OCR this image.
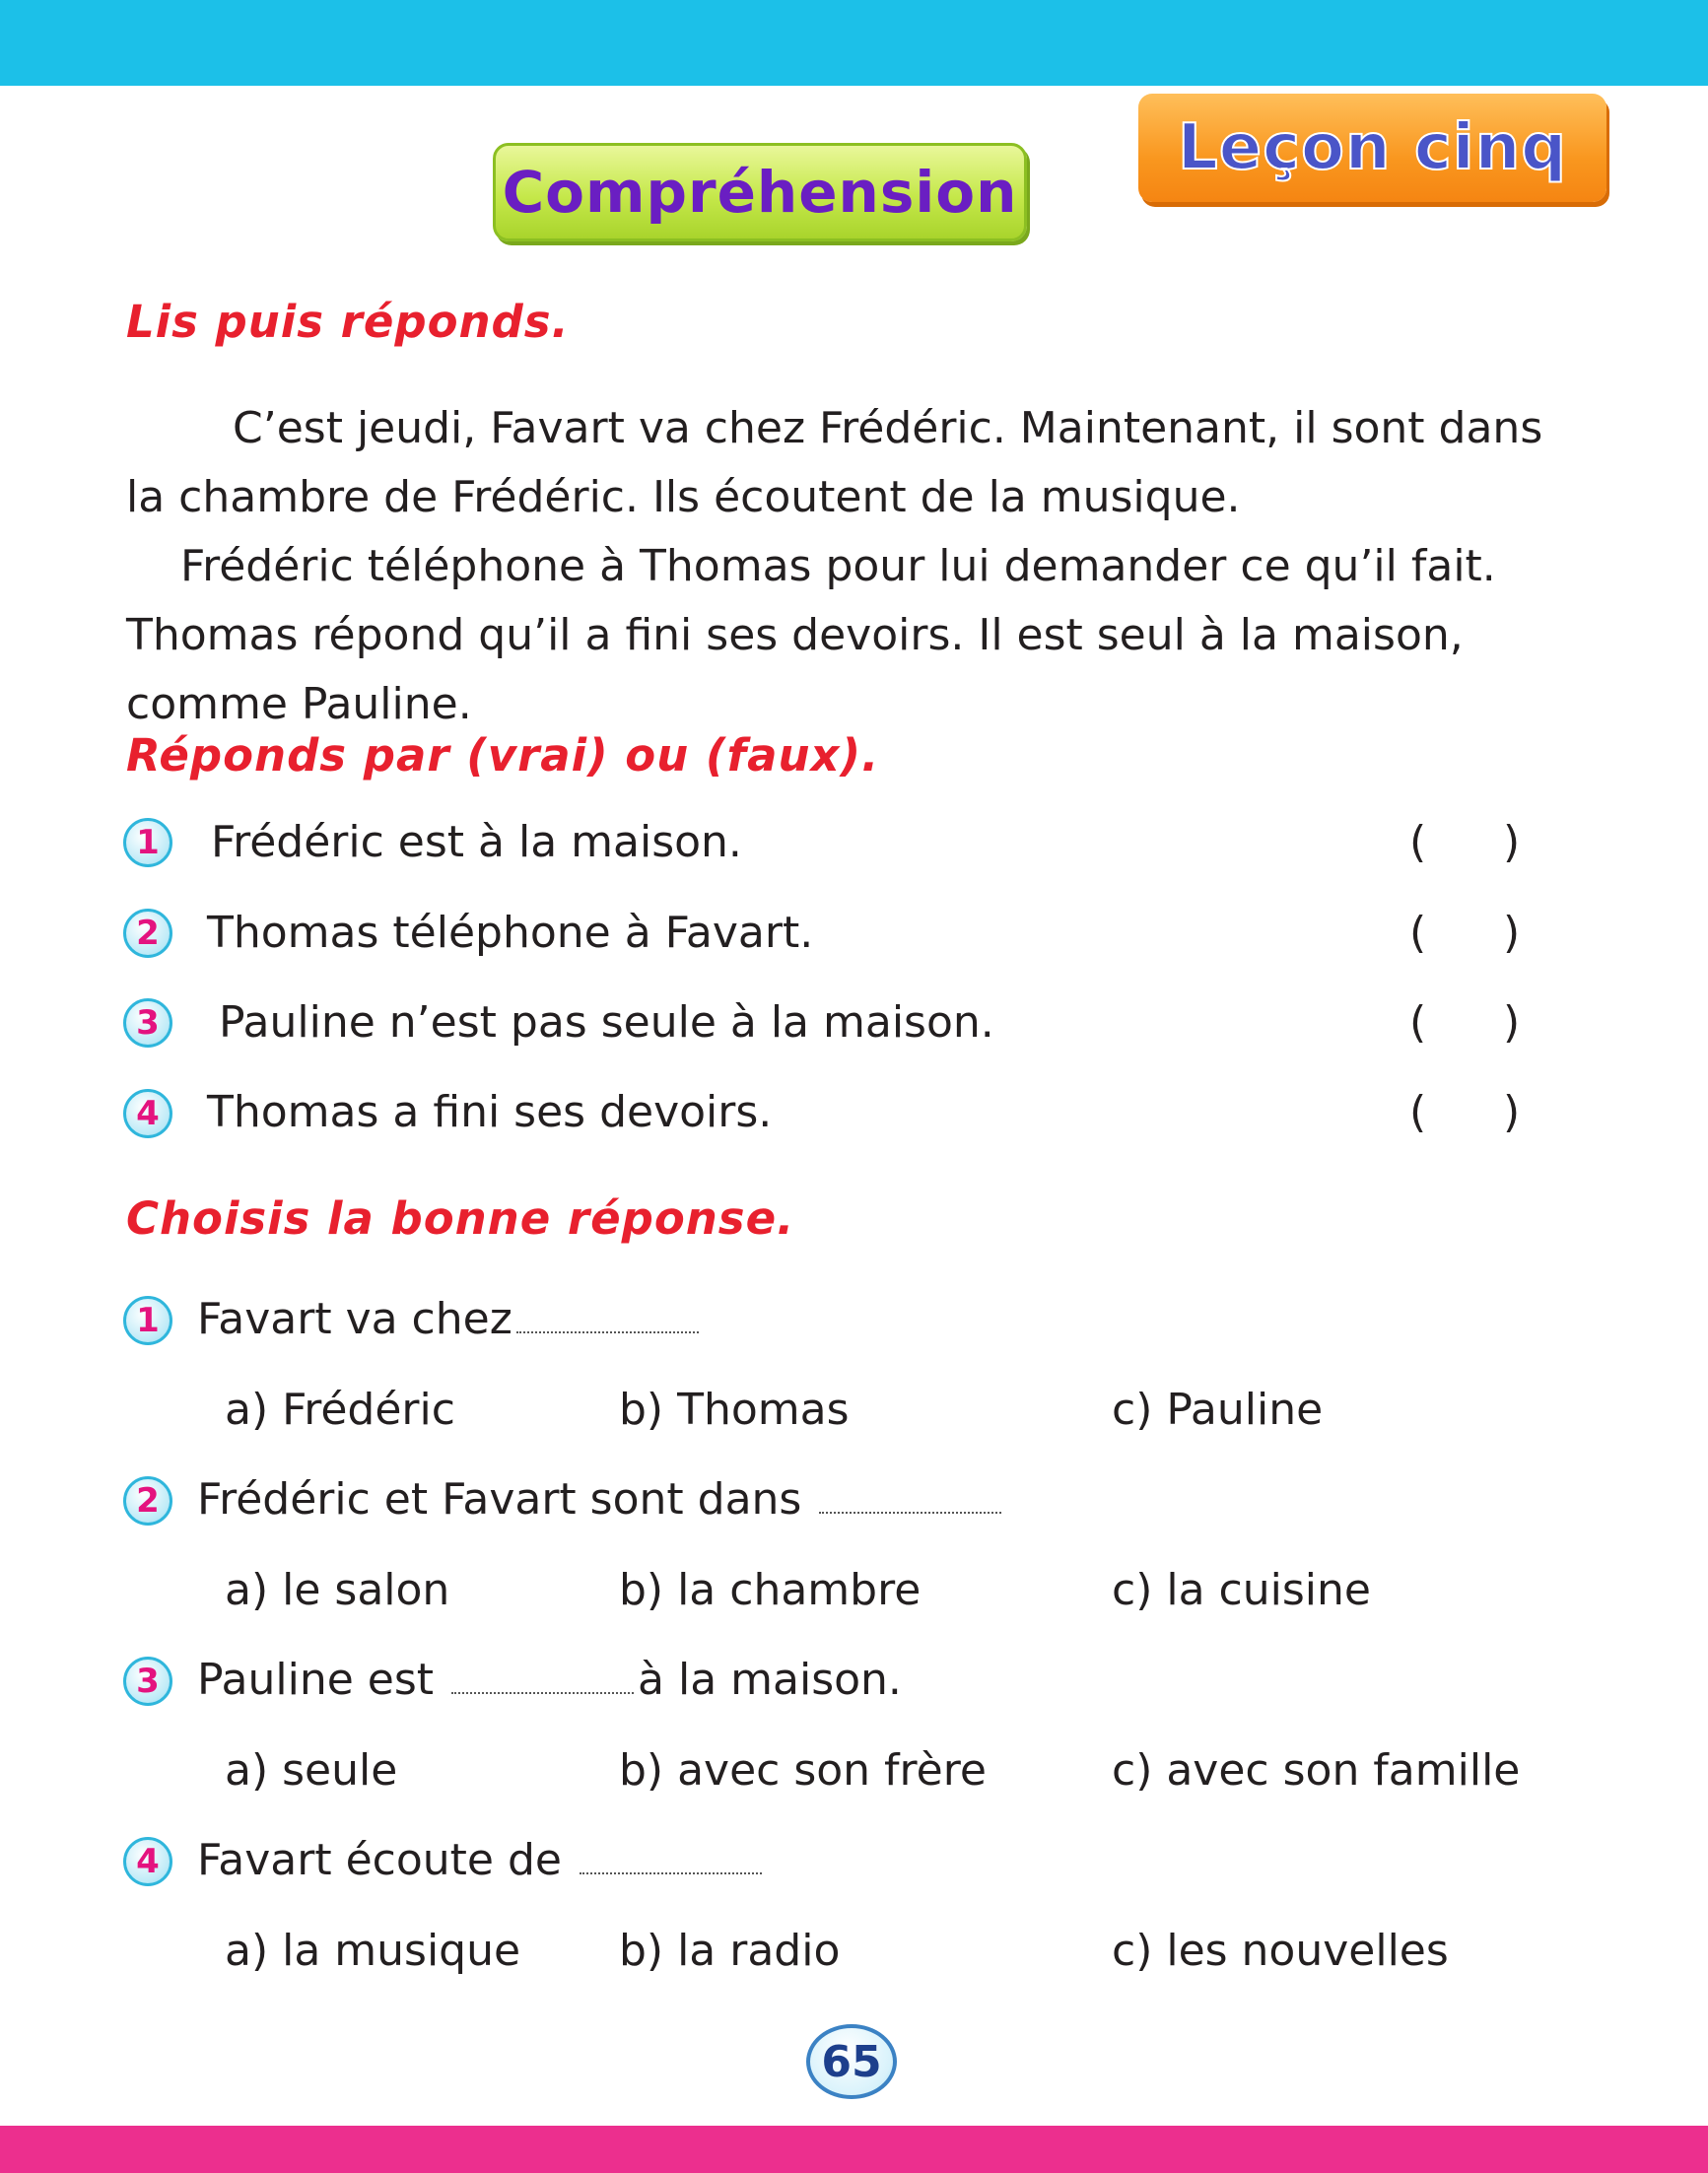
Compréhension
Leçon cinq
Lis puis réponds.

C’est jeudi, Favart va chez Frédéric. Maintenant, il sont dans la chambre de Frédéric. Ils écoutent de la musique.

Frédéric téléphone à Thomas pour lui demander ce qu’il fait. Thomas répond qu’il a fini ses devoirs. Il est seul à la maison, comme Pauline.

Réponds par (vrai) ou (faux).
1 Frédéric est à la maison.	( )
2 Thomas téléphone à Favart.	( )
3 Pauline n’est pas seule à la maison.	( )
4 Thomas a fini ses devoirs.	( )
Choisis la bonne réponse.
1 Favart va chez
a) Frédéric	b) Thomas	c) Pauline
2 Frédéric et Favart sont dans
a) le salon	b) la chambre	c) la cuisine
3 Pauline est	à la maison.
a) seule	b) avec son frère	c) avec son famille
4 Favart écoute de
a) la musique b) la radio	c) les nouvelles
65
